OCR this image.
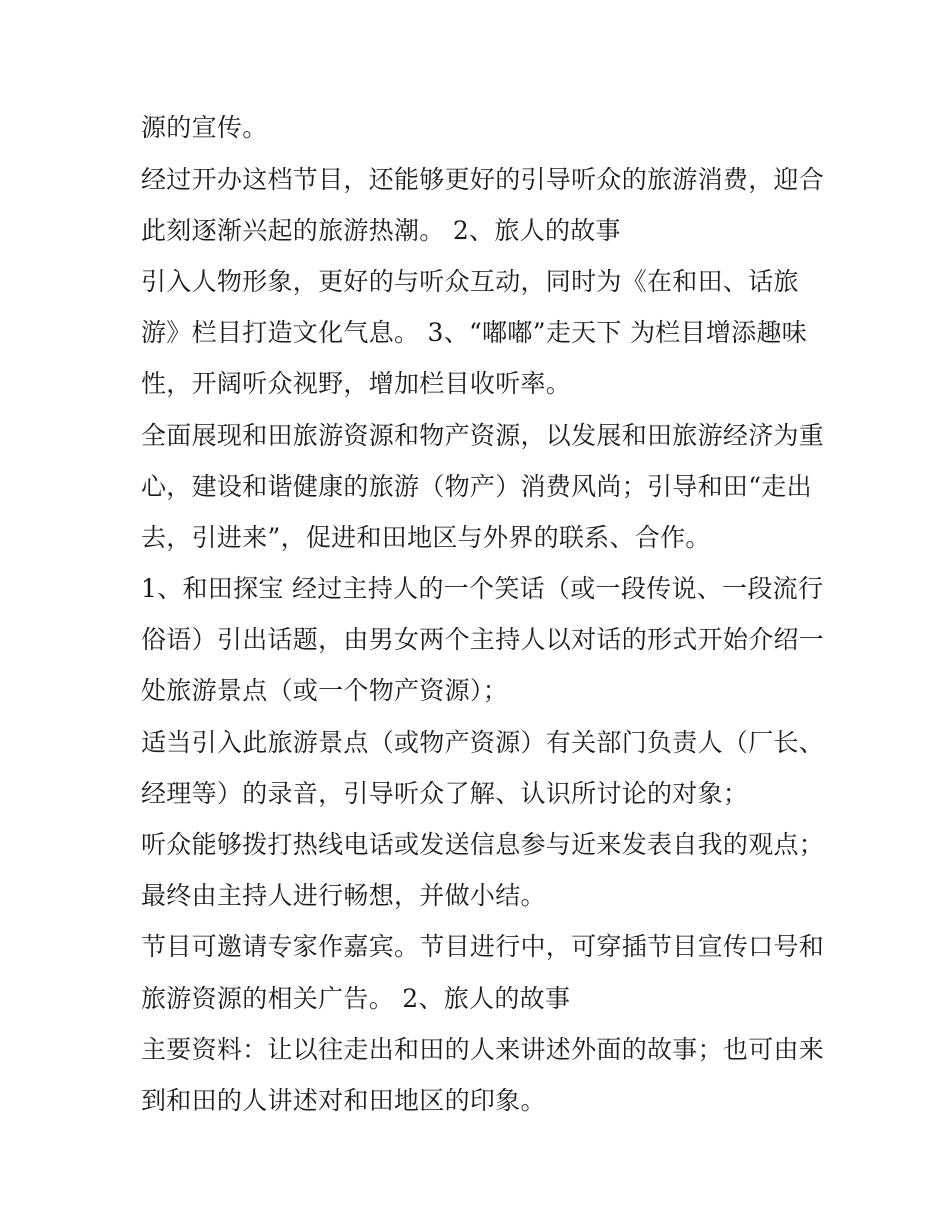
源的宣传。

经过开办这档节目，还能够更好的引导听众的旅游消费，迎合

此刻逐渐兴起的旅游热潮。 2、旅人的故事

引入人物形象，更好的与听众互动，同时为《在和田、话旅

游》栏目打造文化气息。 3、“嘟嘟”走天下 为栏目增添趣味

性，开阔听众视野，增加栏目收听率。

全面展现和田旅游资源和物产资源，以发展和田旅游经济为重

心，建设和谐健康的旅游（物产）消费风尚；引导和田“走出

去，引进来”，促进和田地区与外界的联系、合作。

1、和田探宝 经过主持人的一个笑话（或一段传说、一段流行

俗语）引出话题，由男女两个主持人以对话的形式开始介绍一

处旅游景点（或一个物产资源）；

适当引入此旅游景点（或物产资源）有关部门负责人（厂长、

经理等）的录音，引导听众了解、认识所讨论的对象；

听众能够拨打热线电话或发送信息参与近来发表自我的观点；

最终由主持人进行畅想，并做小结。

节目可邀请专家作嘉宾。节目进行中，可穿插节目宣传口号和

旅游资源的相关广告。 2、旅人的故事

主要资料：让以往走出和田的人来讲述外面的故事；也可由来

到和田的人讲述对和田地区的印象。
